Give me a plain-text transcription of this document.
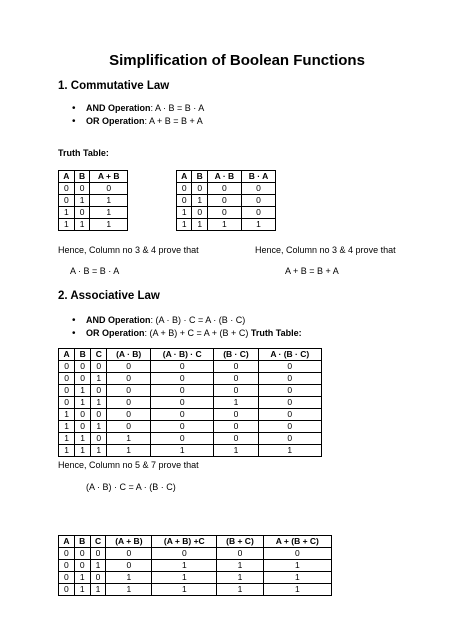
Simplification of Boolean Functions
1. Commutative Law
• AND Operation: A · B = B · A
• OR Operation: A + B = B + A
Truth Table:
A	B	A + B
0	0	0
0	1	1
1	0	1
1	1	1
A	B	A · B	B · A
0	0	0	0
0	1	0	0
1	0	0	0
1	1	1	1
Hence, Column no 3 & 4 prove that	Hence, Column no 3 & 4 prove that
A · B = B · A	A + B = B + A
2. Associative Law
• AND Operation: (A · B) · C = A · (B · C)
• OR Operation: (A + B) + C = A + (B + C) Truth Table:
A	B	C	(A · B)	(A · B) · C	(B · C)	A · (B · C)
0	0	0	0	0	0	0
0	0	1	0	0	0	0
0	1	0	0	0	0	0
0	1	1	0	0	1	0
1	0	0	0	0	0	0
1	0	1	0	0	0	0
1	1	0	1	0	0	0
1	1	1	1	1	1	1
Hence, Column no 5 & 7 prove that
(A · B) · C = A · (B · C)
A	B	C	(A + B)	(A + B) +C	(B + C)	A + (B + C)
0	0	0	0	0	0	0
0	0	1	0	1	1	1
0	1	0	1	1	1	1
0	1	1	1	1	1	1
